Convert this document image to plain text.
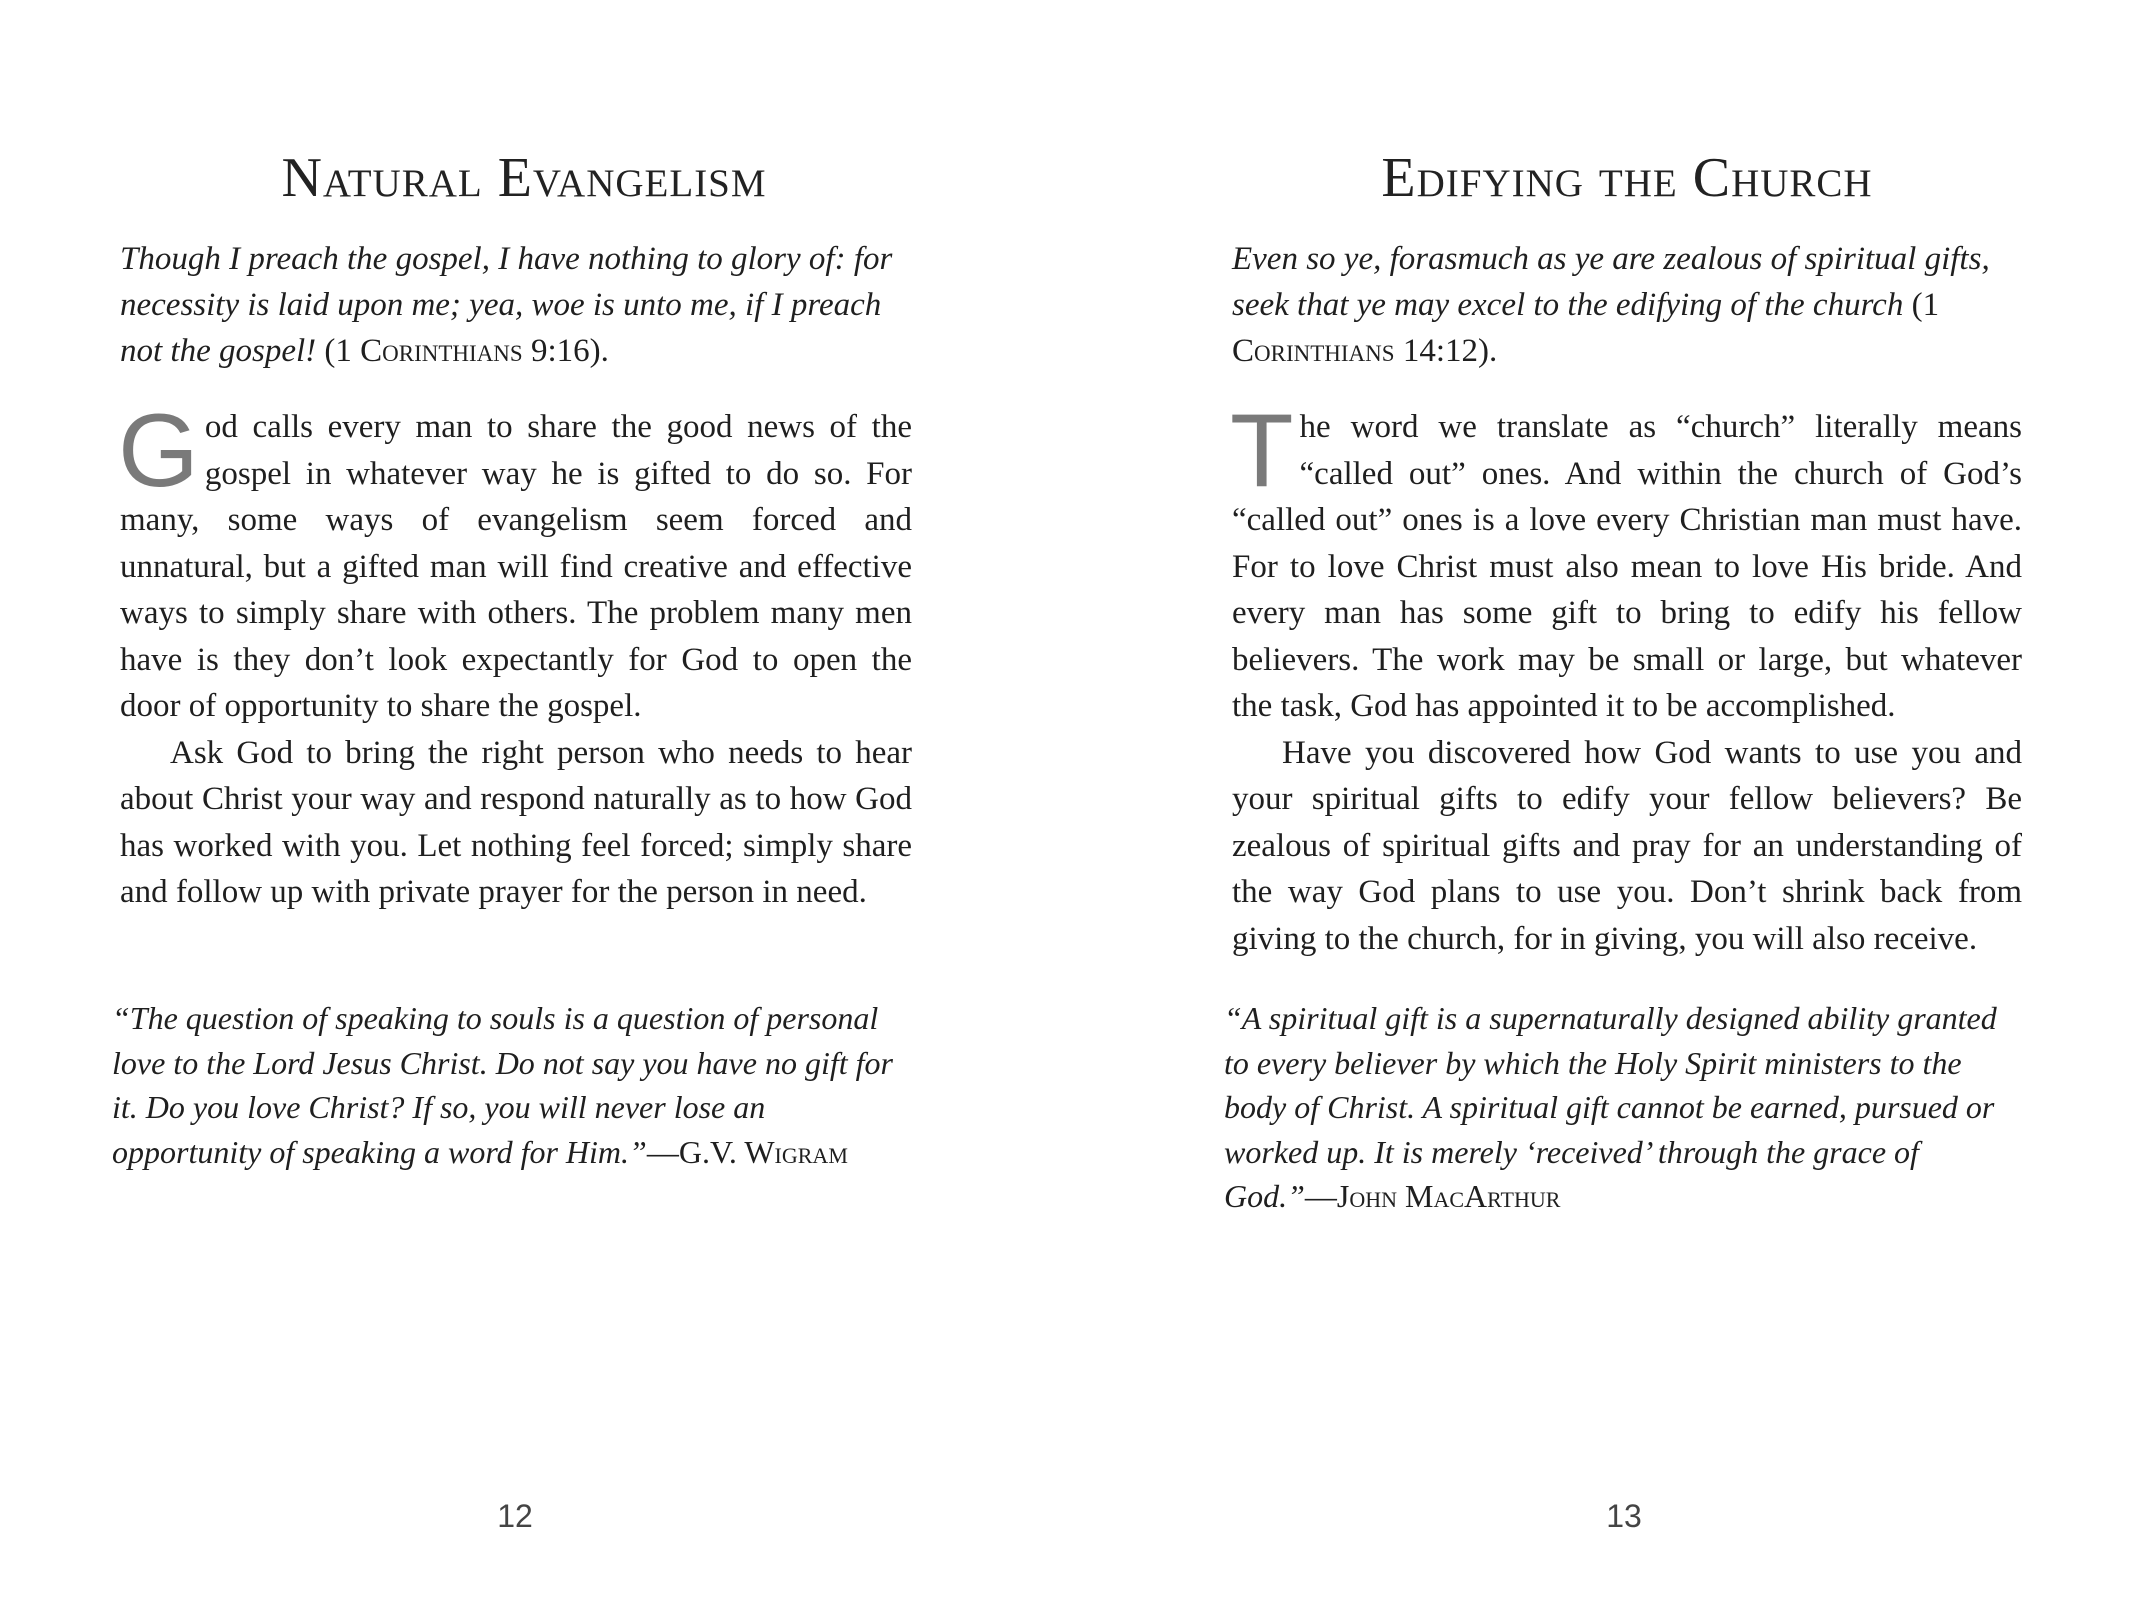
Natural Evangelism

Though I preach the gospel, I have nothing to glory of: for necessity is laid upon me; yea, woe is unto me, if I preach not the gospel! (1 Corinthians 9:16).

God calls every man to share the good news of the gospel in whatever way he is gifted to do so. For many, some ways of evangelism seem forced and unnatural, but a gifted man will find creative and effective ways to simply share with others. The problem many men have is they don’t look expectantly for God to open the door of opportunity to share the gospel.

Ask God to bring the right person who needs to hear about Christ your way and respond naturally as to how God has worked with you. Let nothing feel forced; simply share and follow up with private prayer for the person in need.

“The question of speaking to souls is a question of personal love to the Lord Jesus Christ. Do not say you have no gift for it. Do you love Christ? If so, you will never lose an opportunity of speaking a word for Him.”—G.V. Wigram

12
Edifying the Church

Even so ye, forasmuch as ye are zealous of spiritual gifts, seek that ye may excel to the edifying of the church (1 Corinthians 14:12).

The word we translate as “church” literally means “called out” ones. And within the church of God’s “called out” ones is a love every Christian man must have. For to love Christ must also mean to love His bride. And every man has some gift to bring to edify his fellow believers. The work may be small or large, but whatever the task, God has appointed it to be accomplished.

Have you discovered how God wants to use you and your spiritual gifts to edify your fellow believers? Be zealous of spiritual gifts and pray for an understanding of the way God plans to use you. Don’t shrink back from giving to the church, for in giving, you will also receive.

“A spiritual gift is a supernaturally designed ability granted to every believer by which the Holy Spirit ministers to the body of Christ. A spiritual gift cannot be earned, pursued or worked up. It is merely ‘received’ through the grace of God.”—John MacArthur

13
